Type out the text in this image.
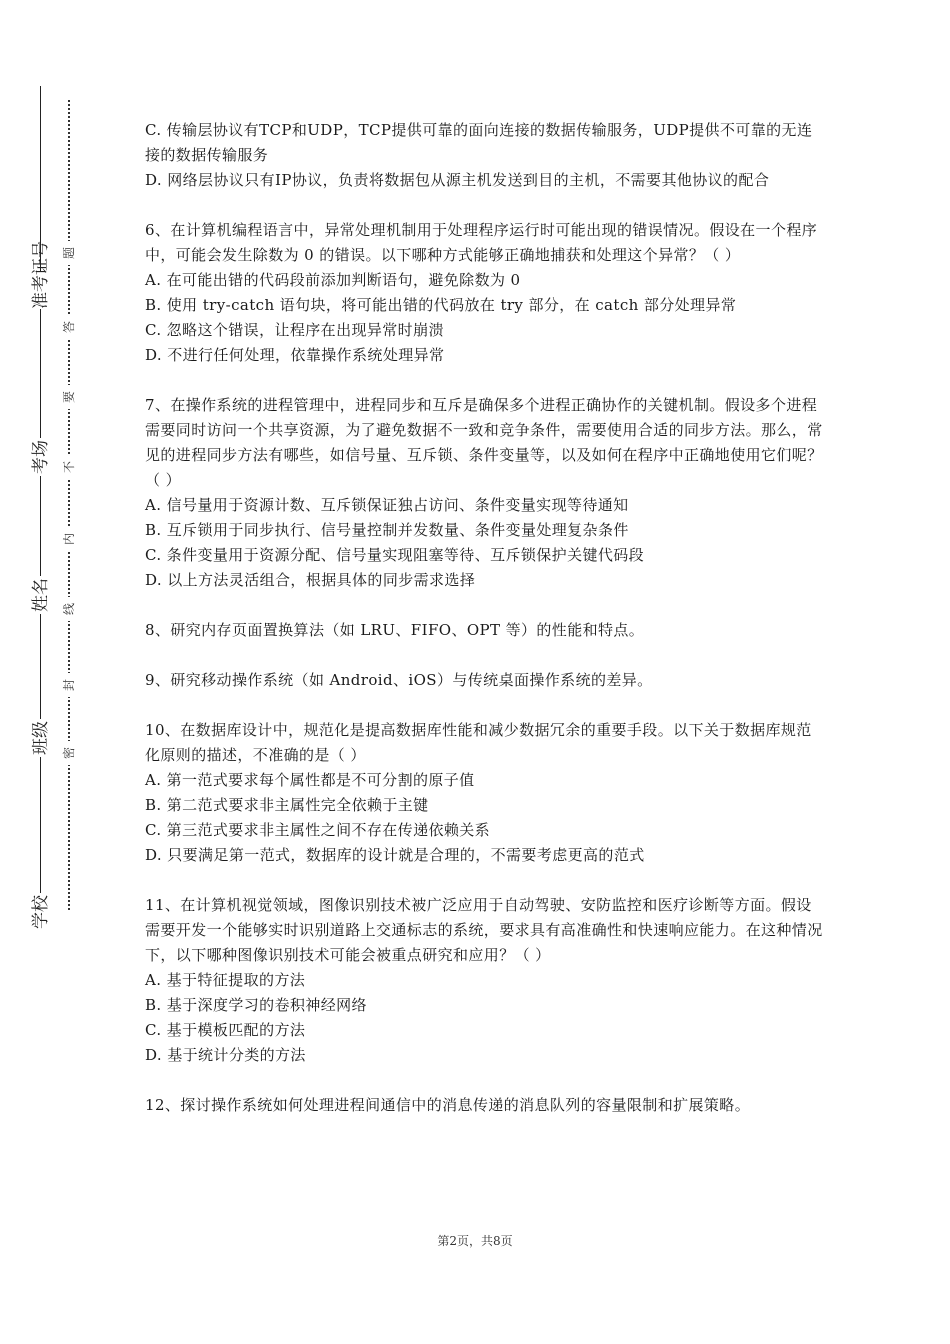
学校
班级
姓名
考场
准考证号
密
封
线
内
不
要
答
题

C. 传输层协议有TCP和UDP，TCP提供可靠的面向连接的数据传输服务，UDP提供不可靠的无连接的数据传输服务

D. 网络层协议只有IP协议，负责将数据包从源主机发送到目的主机，不需要其他协议的配合

6、在计算机编程语言中，异常处理机制用于处理程序运行时可能出现的错误情况。假设在一个程序中，可能会发生除数为 0 的错误。以下哪种方式能够正确地捕获和处理这个异常？（ ）

A. 在可能出错的代码段前添加判断语句，避免除数为 0

B. 使用 try-catch 语句块，将可能出错的代码放在 try 部分，在 catch 部分处理异常

C. 忽略这个错误，让程序在出现异常时崩溃

D. 不进行任何处理，依靠操作系统处理异常

7、在操作系统的进程管理中，进程同步和互斥是确保多个进程正确协作的关键机制。假设多个进程需要同时访问一个共享资源，为了避免数据不一致和竞争条件，需要使用合适的同步方法。那么，常见的进程同步方法有哪些，如信号量、互斥锁、条件变量等，以及如何在程序中正确地使用它们呢？（ ）

A. 信号量用于资源计数、互斥锁保证独占访问、条件变量实现等待通知

B. 互斥锁用于同步执行、信号量控制并发数量、条件变量处理复杂条件

C. 条件变量用于资源分配、信号量实现阻塞等待、互斥锁保护关键代码段

D. 以上方法灵活组合，根据具体的同步需求选择

8、研究内存页面置换算法（如 LRU、FIFO、OPT 等）的性能和特点。

9、研究移动操作系统（如 Android、iOS）与传统桌面操作系统的差异。

10、在数据库设计中，规范化是提高数据库性能和减少数据冗余的重要手段。以下关于数据库规范化原则的描述，不准确的是（ ）

A. 第一范式要求每个属性都是不可分割的原子值

B. 第二范式要求非主属性完全依赖于主键

C. 第三范式要求非主属性之间不存在传递依赖关系

D. 只要满足第一范式，数据库的设计就是合理的，不需要考虑更高的范式

11、在计算机视觉领域，图像识别技术被广泛应用于自动驾驶、安防监控和医疗诊断等方面。假设需要开发一个能够实时识别道路上交通标志的系统，要求具有高准确性和快速响应能力。在这种情况下，以下哪种图像识别技术可能会被重点研究和应用？（ ）

A. 基于特征提取的方法

B. 基于深度学习的卷积神经网络

C. 基于模板匹配的方法

D. 基于统计分类的方法

12、探讨操作系统如何处理进程间通信中的消息传递的消息队列的容量限制和扩展策略。

第2页，共8页
